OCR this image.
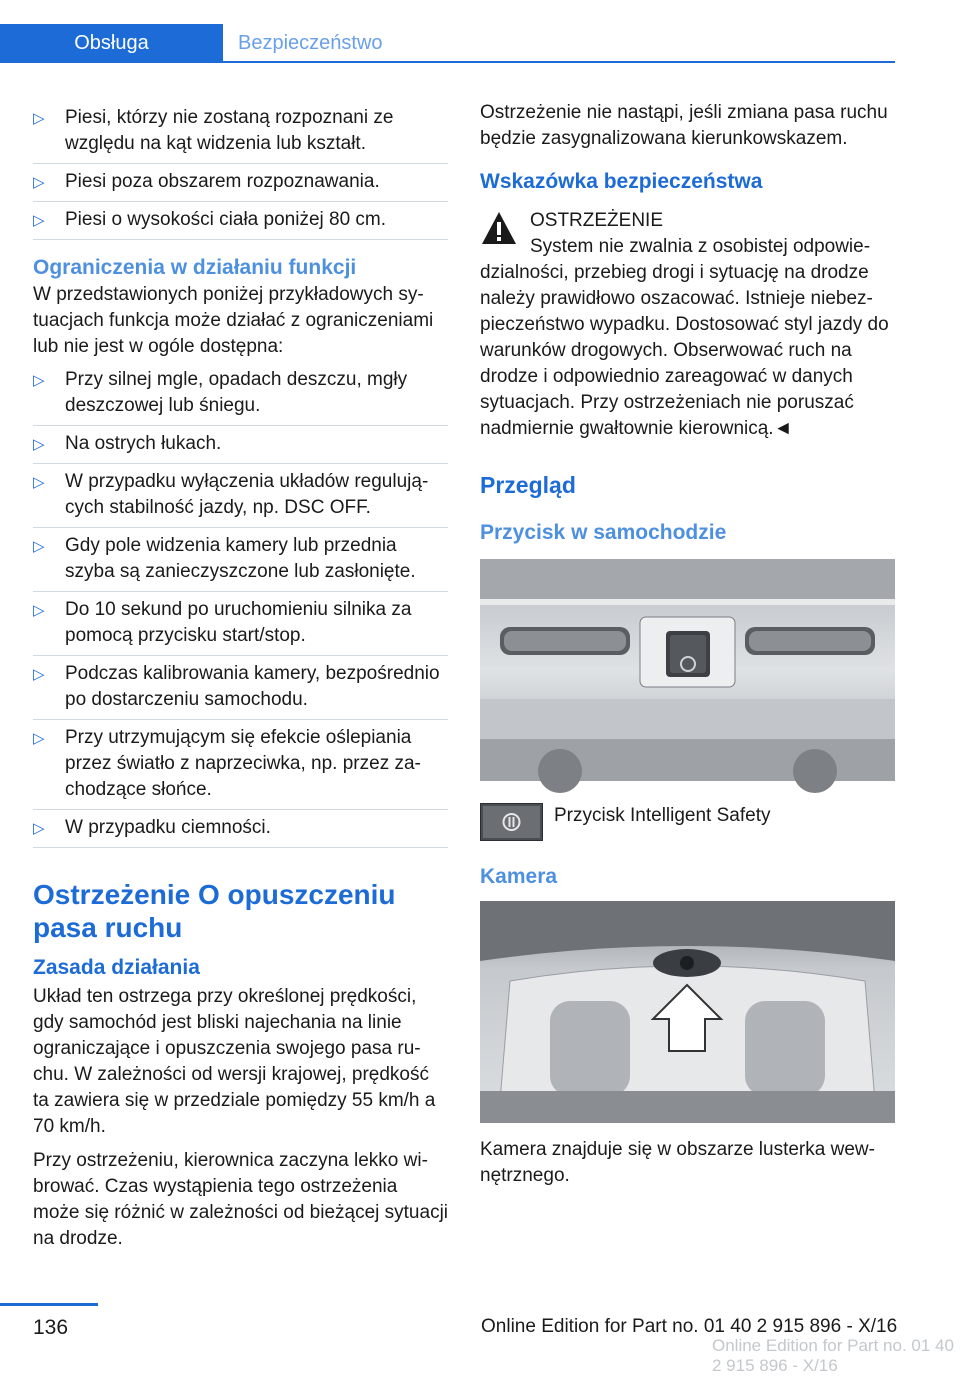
Obsługa	Bezpieczeństwo
▷ Piesi, którzy nie zostaną rozpoznani ze względu na kąt widzenia lub kształt.
▷ Piesi poza obszarem rozpoznawania.
▷ Piesi o wysokości ciała poniżej 80 cm.
Ograniczenia w działaniu funkcji

W przedstawionych poniżej przykładowych sytuacjach funkcja może działać z ograniczeniami lub nie jest w ogóle dostępna:

▷ Przy silnej mgle, opadach deszczu, mgły deszczowej lub śniegu.
▷ Na ostrych łukach.
▷ W przypadku wyłączenia układów regulujących stabilność jazdy, np. DSC OFF.
▷ Gdy pole widzenia kamery lub przednia szyba są zanieczyszczone lub zasłonięte.
▷ Do 10 sekund po uruchomieniu silnika za pomocą przycisku start/stop.
▷ Podczas kalibrowania kamery, bezpośrednio po dostarczeniu samochodu.
▷ Przy utrzymującym się efekcie oślepiania przez światło z naprzeciwka, np. przez zachodzące słońce.
▷ W przypadku ciemności.
Ostrzeżenie O opuszczeniu pasa ruchu
Zasada działania

Układ ten ostrzega przy określonej prędkości, gdy samochód jest bliski najechania na linie ograniczające i opuszczenia swojego pasa ruchu. W zależności od wersji krajowej, prędkość ta zawiera się w przedziale pomiędzy 55 km/h a 70 km/h.

Przy ostrzeżeniu, kierownica zaczyna lekko wibrować. Czas wystąpienia tego ostrzeżenia może się różnić w zależności od bieżącej sytuacji na drodze.

Ostrzeżenie nie nastąpi, jeśli zmiana pasa ruchu będzie zasygnalizowana kierunkowskazem.

Wskazówka bezpieczeństwa
OSTRZEŻENIE
System nie zwalnia z osobistej odpowiedzialności, przebieg drogi i sytuację na drodze należy prawidłowo oszacować. Istnieje niebezpieczeństwo wypadku. Dostosować styl jazdy do warunków drogowych. Obserwować ruch na drodze i odpowiednio zareagować w danych sytuacjach. Przy ostrzeżeniach nie poruszać nadmiernie gwałtownie kierownicą.◄
Przegląd
Przycisk w samochodzie
Przycisk Intelligent Safety
Kamera

Kamera znajduje się w obszarze lusterka wewnętrznego.

136	Online Edition for Part no. 01 40 2 915 896 - X/16
Online Edition for Part no. 01 40 2 915 896 - X/16
